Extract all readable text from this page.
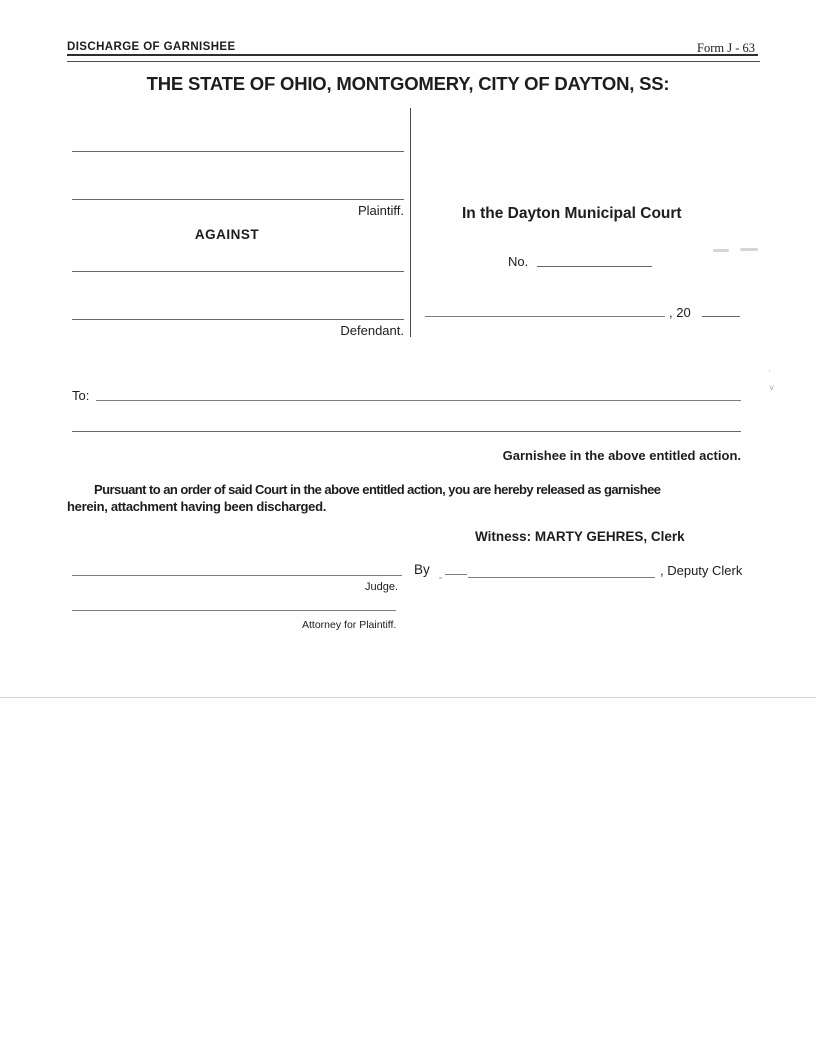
DISCHARGE OF GARNISHEE	Form J - 63
THE STATE OF OHIO, MONTGOMERY, CITY OF DAYTON, SS:
Plaintiff.
AGAINST
Defendant.
In the Dayton Municipal Court
No.
, 20
ʾ
˅
To:
Garnishee in the above entitled action.
Pursuant to an order of said Court in the above entitled action, you are hereby released as garnishee
herein, attachment having been discharged.
Witness: MARTY GEHRES, Clerk
Judge.
By	, Deputy Clerk
Attorney for Plaintiff.
